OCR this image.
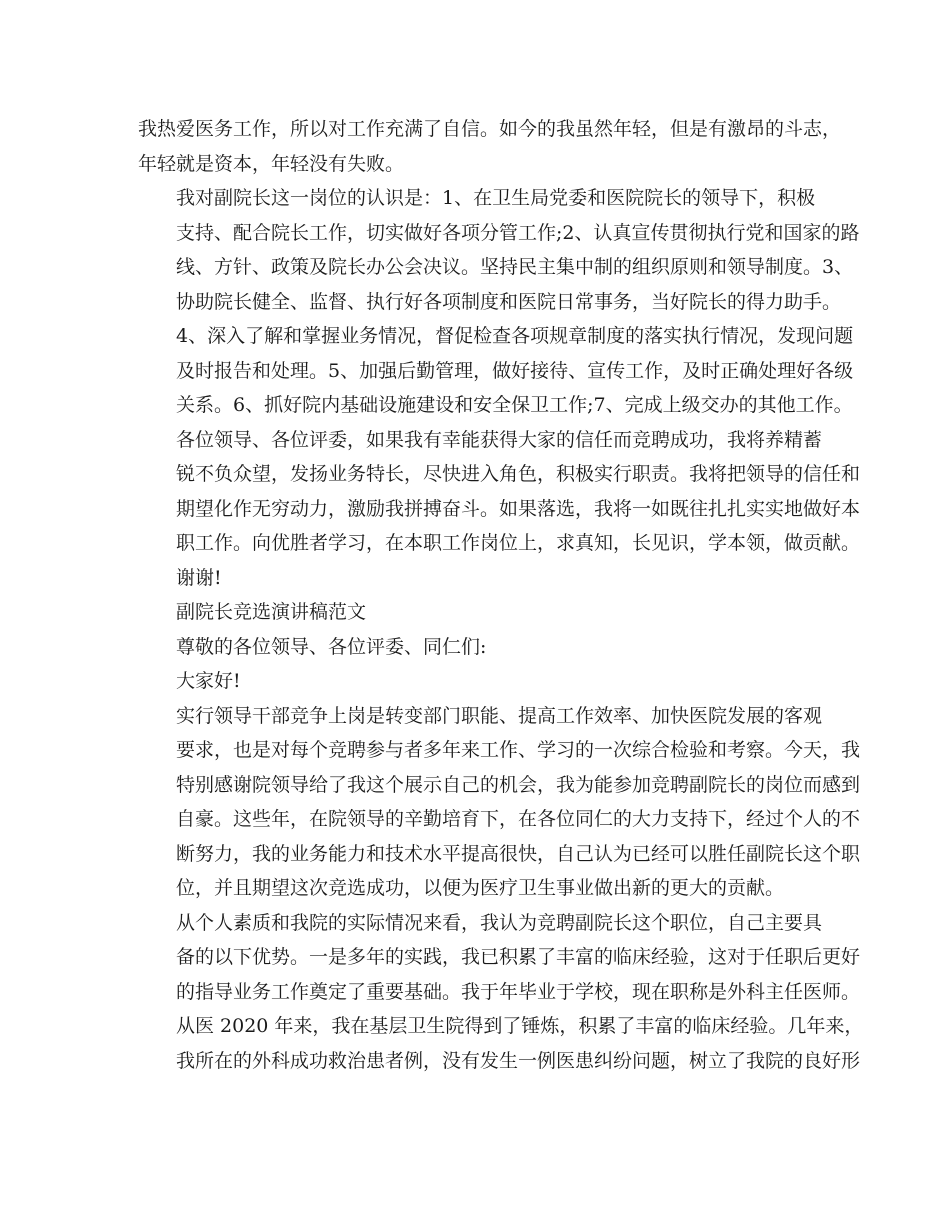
我热爱医务工作，所以对工作充满了自信。如今的我虽然年轻，但是有激昂的斗志，
年轻就是资本，年轻没有失败。

我对副院长这一岗位的认识是：1、在卫生局党委和医院院长的领导下，积极
支持、配合院长工作，切实做好各项分管工作;2、认真宣传贯彻执行党和国家的路
线、方针、政策及院长办公会决议。坚持民主集中制的组织原则和领导制度。3、
协助院长健全、监督、执行好各项制度和医院日常事务，当好院长的得力助手。
4、深入了解和掌握业务情况，督促检查各项规章制度的落实执行情况，发现问题
及时报告和处理。5、加强后勤管理，做好接待、宣传工作，及时正确处理好各级
关系。6、抓好院内基础设施建设和安全保卫工作;7、完成上级交办的其他工作。

各位领导、各位评委，如果我有幸能获得大家的信任而竞聘成功，我将养精蓄
锐不负众望，发扬业务特长，尽快进入角色，积极实行职责。我将把领导的信任和
期望化作无穷动力，激励我拼搏奋斗。如果落选，我将一如既往扎扎实实地做好本
职工作。向优胜者学习，在本职工作岗位上，求真知，长见识，学本领，做贡献。

谢谢!

副院长竞选演讲稿范文

尊敬的各位领导、各位评委、同仁们:

大家好!

实行领导干部竞争上岗是转变部门职能、提高工作效率、加快医院发展的客观
要求，也是对每个竞聘参与者多年来工作、学习的一次综合检验和考察。今天，我
特别感谢院领导给了我这个展示自己的机会，我为能参加竞聘副院长的岗位而感到
自豪。这些年，在院领导的辛勤培育下，在各位同仁的大力支持下，经过个人的不
断努力，我的业务能力和技术水平提高很快，自己认为已经可以胜任副院长这个职
位，并且期望这次竞选成功，以便为医疗卫生事业做出新的更大的贡献。

从个人素质和我院的实际情况来看，我认为竞聘副院长这个职位，自己主要具
备的以下优势。一是多年的实践，我已积累了丰富的临床经验，这对于任职后更好
的指导业务工作奠定了重要基础。我于年毕业于学校，现在职称是外科主任医师。
从医 2020 年来，我在基层卫生院得到了锤炼，积累了丰富的临床经验。几年来，
我所在的外科成功救治患者例，没有发生一例医患纠纷问题，树立了我院的良好形
